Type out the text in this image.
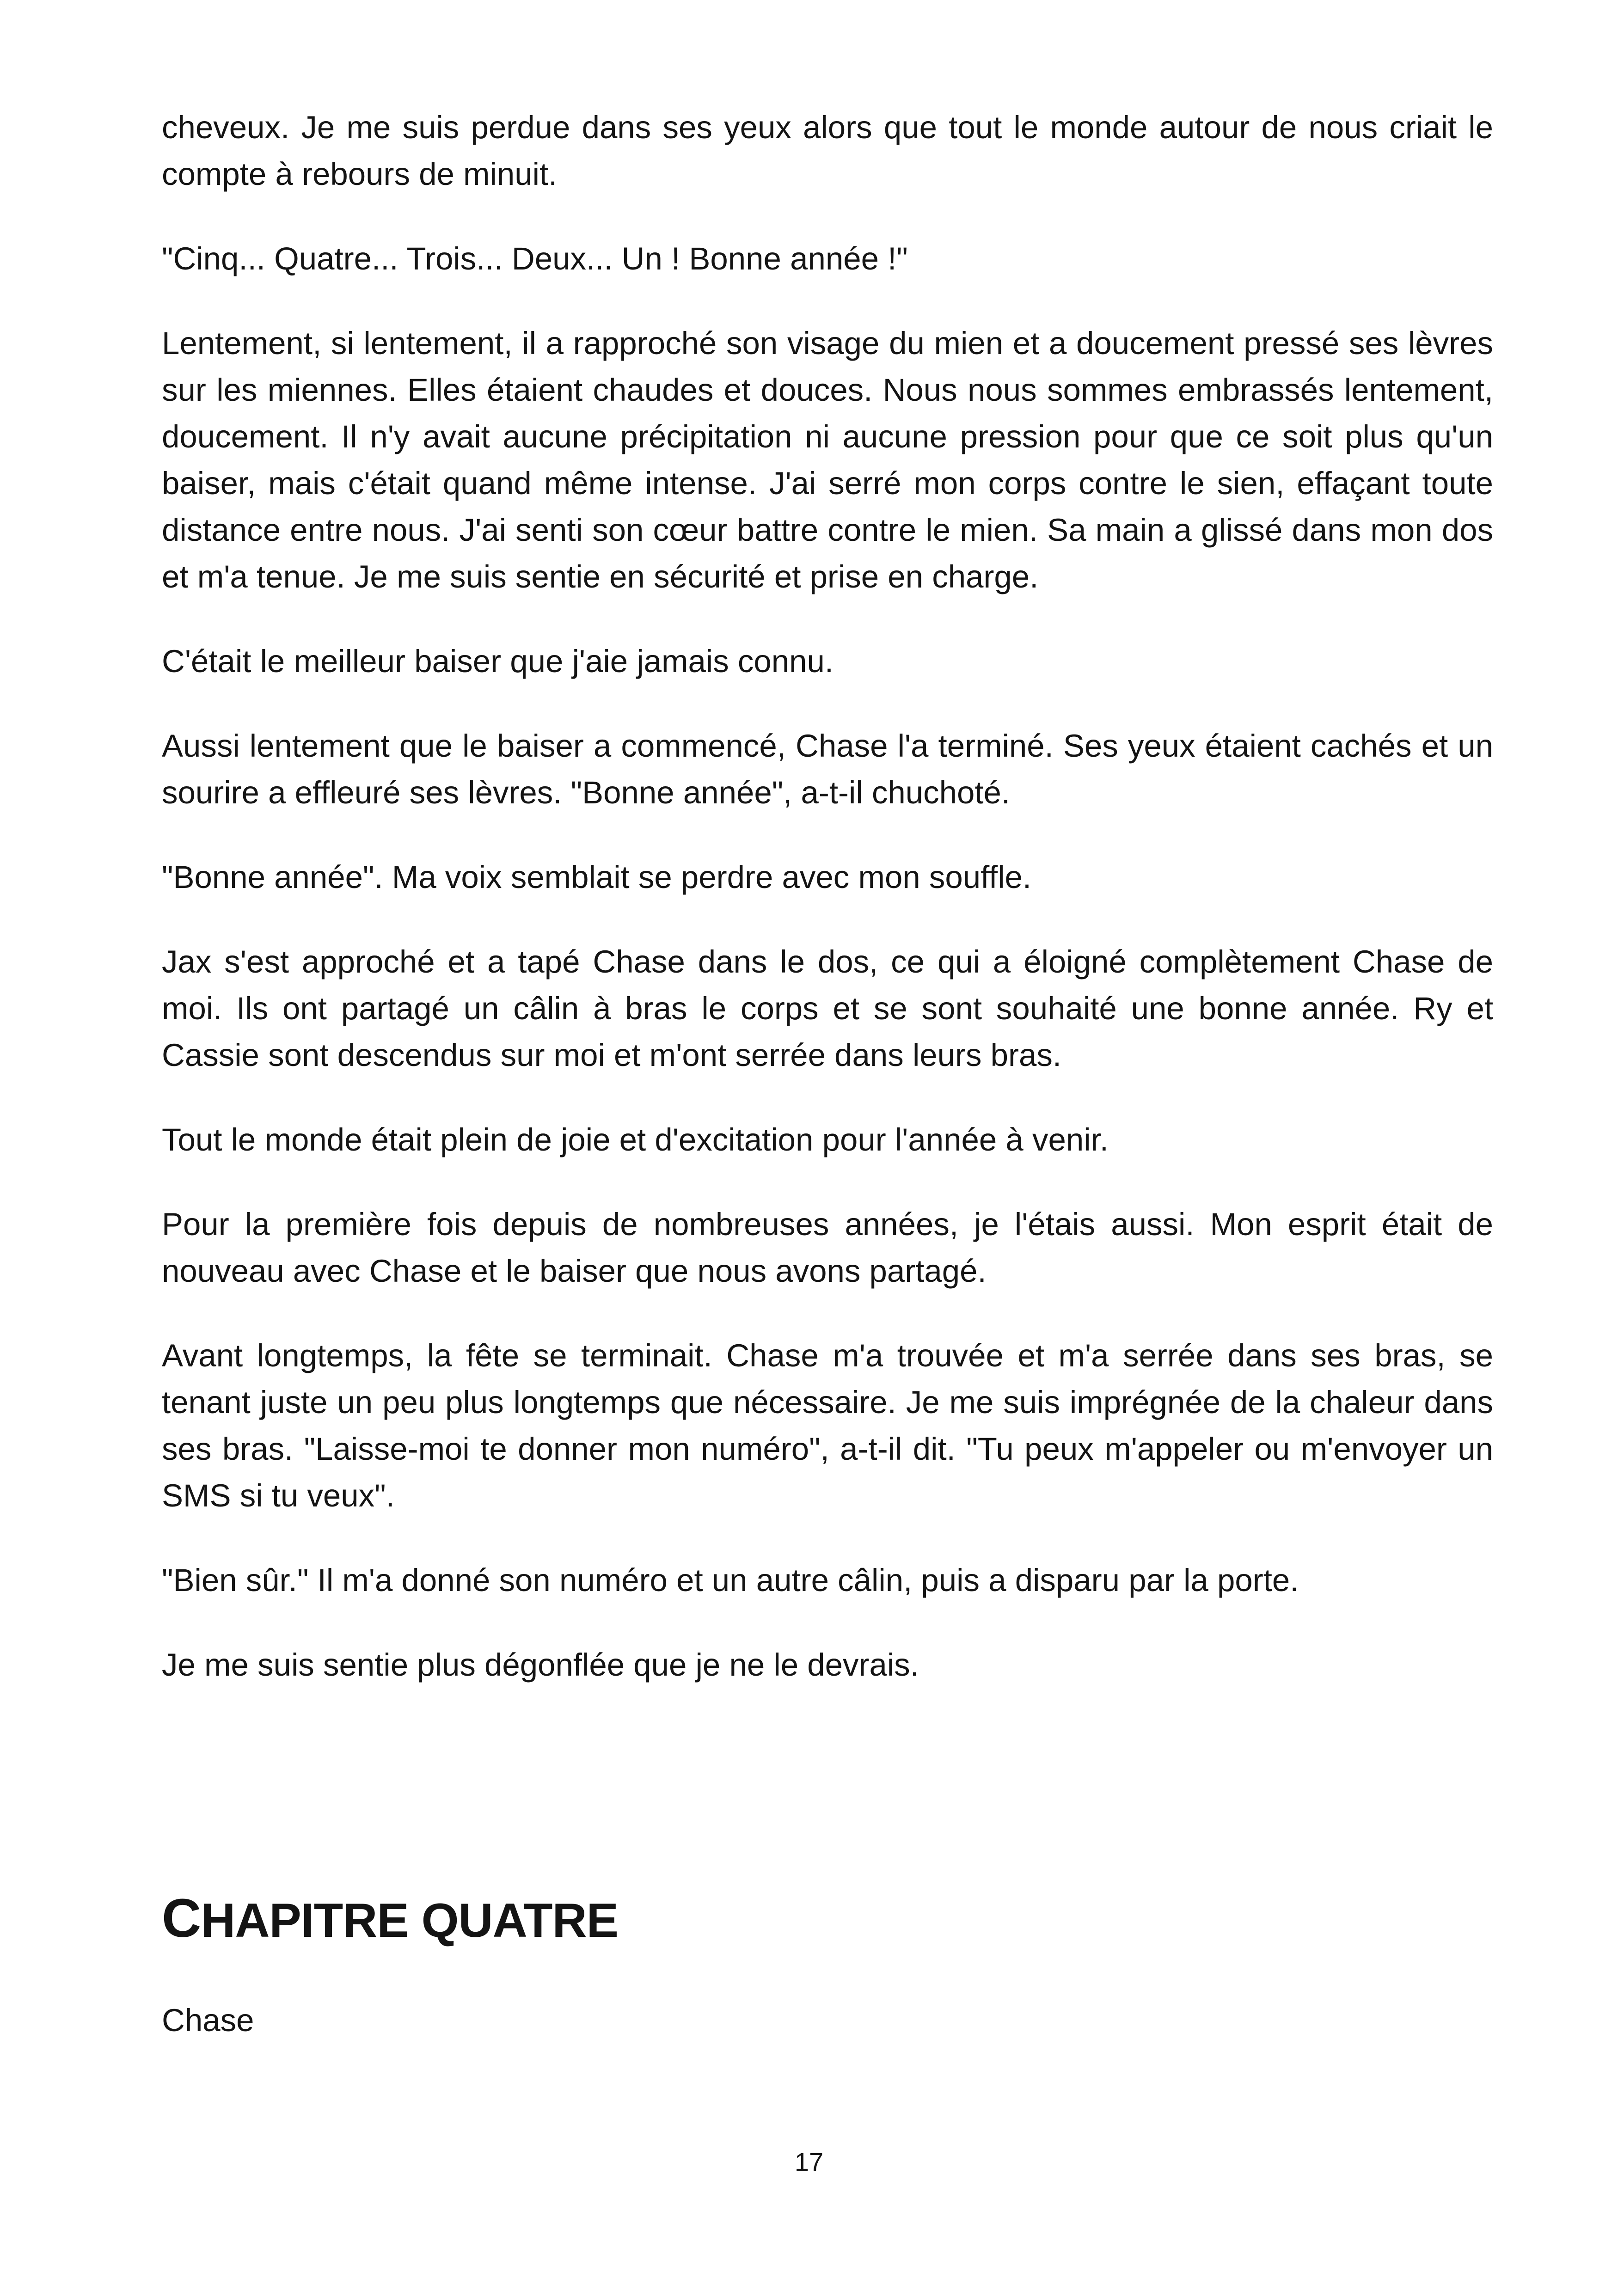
cheveux. Je me suis perdue dans ses yeux alors que tout le monde autour de nous criait le compte à rebours de minuit.

"Cinq... Quatre... Trois... Deux... Un ! Bonne année !"

Lentement, si lentement, il a rapproché son visage du mien et a doucement pressé ses lèvres sur les miennes. Elles étaient chaudes et douces. Nous nous sommes embrassés lentement, doucement. Il n'y avait aucune précipitation ni aucune pression pour que ce soit plus qu'un baiser, mais c'était quand même intense. J'ai serré mon corps contre le sien, effaçant toute distance entre nous. J'ai senti son cœur battre contre le mien. Sa main a glissé dans mon dos et m'a tenue. Je me suis sentie en sécurité et prise en charge.

C'était le meilleur baiser que j'aie jamais connu.

Aussi lentement que le baiser a commencé, Chase l'a terminé. Ses yeux étaient cachés et un sourire a effleuré ses lèvres. "Bonne année", a-t-il chuchoté.

"Bonne année". Ma voix semblait se perdre avec mon souffle.

Jax s'est approché et a tapé Chase dans le dos, ce qui a éloigné complètement Chase de moi. Ils ont partagé un câlin à bras le corps et se sont souhaité une bonne année. Ry et Cassie sont descendus sur moi et m'ont serrée dans leurs bras.

Tout le monde était plein de joie et d'excitation pour l'année à venir.

Pour la première fois depuis de nombreuses années, je l'étais aussi. Mon esprit était de nouveau avec Chase et le baiser que nous avons partagé.

Avant longtemps, la fête se terminait. Chase m'a trouvée et m'a serrée dans ses bras, se tenant juste un peu plus longtemps que nécessaire. Je me suis imprégnée de la chaleur dans ses bras. "Laisse-moi te donner mon numéro", a-t-il dit. "Tu peux m'appeler ou m'envoyer un SMS si tu veux".

"Bien sûr." Il m'a donné son numéro et un autre câlin, puis a disparu par la porte.

Je me suis sentie plus dégonflée que je ne le devrais.

CHAPITRE QUATRE

Chase

17
